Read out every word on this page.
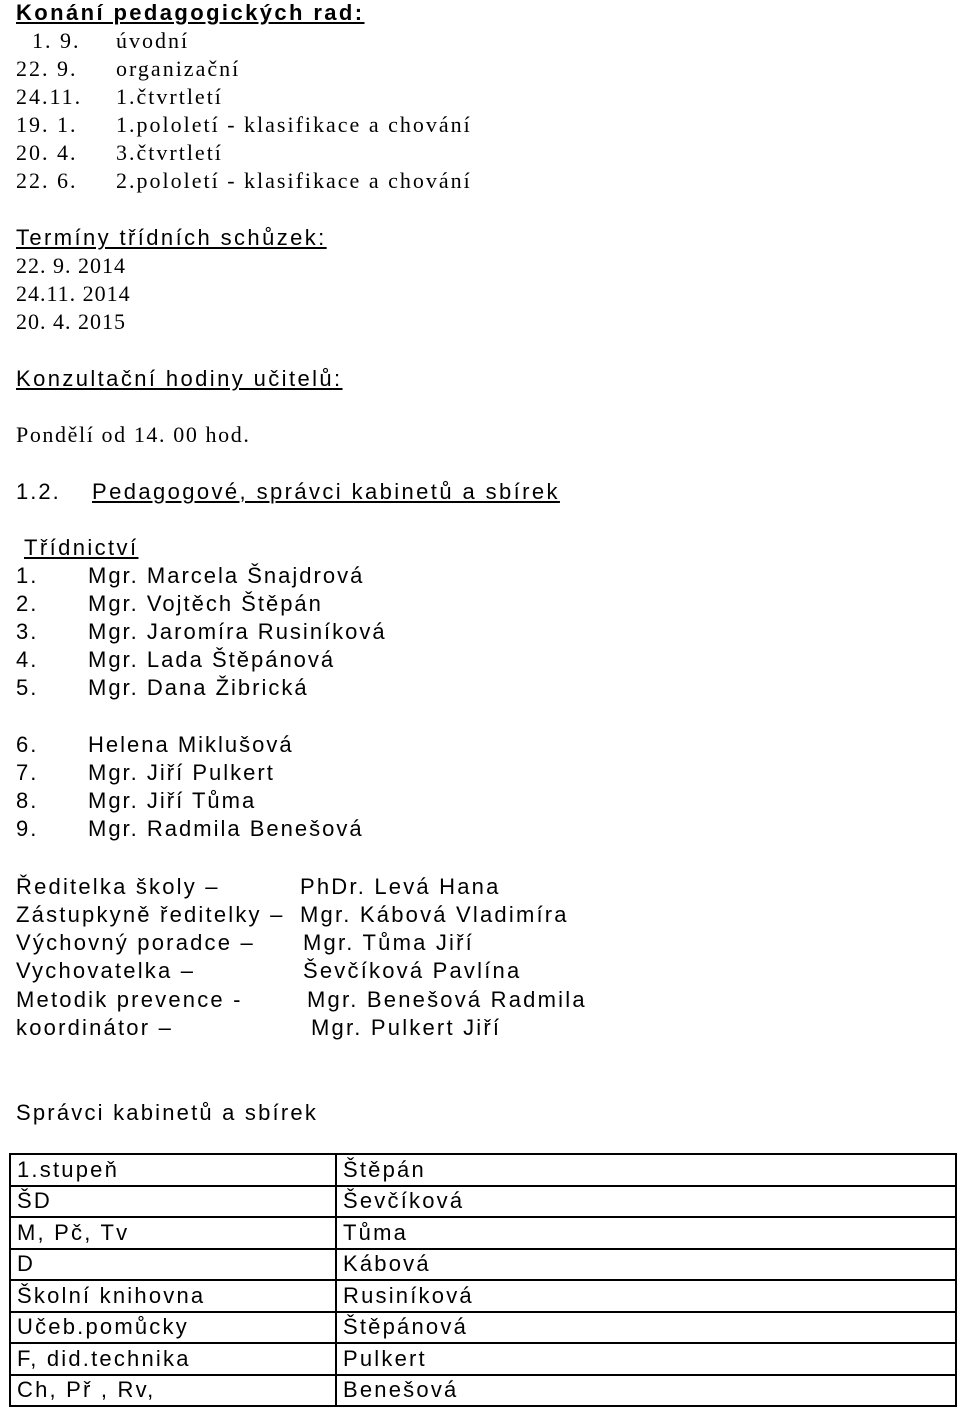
Konání pedagogických rad:
1. 9. úvodní
22. 9. organizační
24.11. 1.čtvrtletí
19. 1. 1.pololetí - klasifikace a chování
20. 4. 3.čtvrtletí
22. 6. 2.pololetí - klasifikace a chování
Termíny třídních schůzek:
22. 9. 2014
24.11. 2014
20. 4. 2015
Konzultační hodiny učitelů:
Pondělí od 14. 00 hod.
1.2. Pedagogové, správci kabinetů a sbírek
Třídnictví
1. Mgr. Marcela Šnajdrová
2. Mgr. Vojtěch Štěpán
3. Mgr. Jaromíra Rusiníková
4. Mgr. Lada Štěpánová
5. Mgr. Dana Žibrická
6. Helena Miklušová
7. Mgr. Jiří Pulkert
8. Mgr. Jiří Tůma
9. Mgr. Radmila Benešová
Ředitelka školy –	PhDr. Levá Hana
Zástupkyně ředitelky – Mgr. Kábová Vladimíra
Výchovný poradce – Mgr. Tůma Jiří
Vychovatelka –	Ševčíková Pavlína
Metodik prevence -	Mgr. Benešová Radmila
koordinátor –	Mgr. Pulkert Jiří
Správci kabinetů a sbírek
1.stupeň	Štěpán
ŠD	Ševčíková
M, Pč, Tv	Tůma
D	Kábová
Školní knihovna	Rusiníková
Učeb.pomůcky	Štěpánová
F, did.technika	Pulkert
Ch, Př , Rv,	Benešová
